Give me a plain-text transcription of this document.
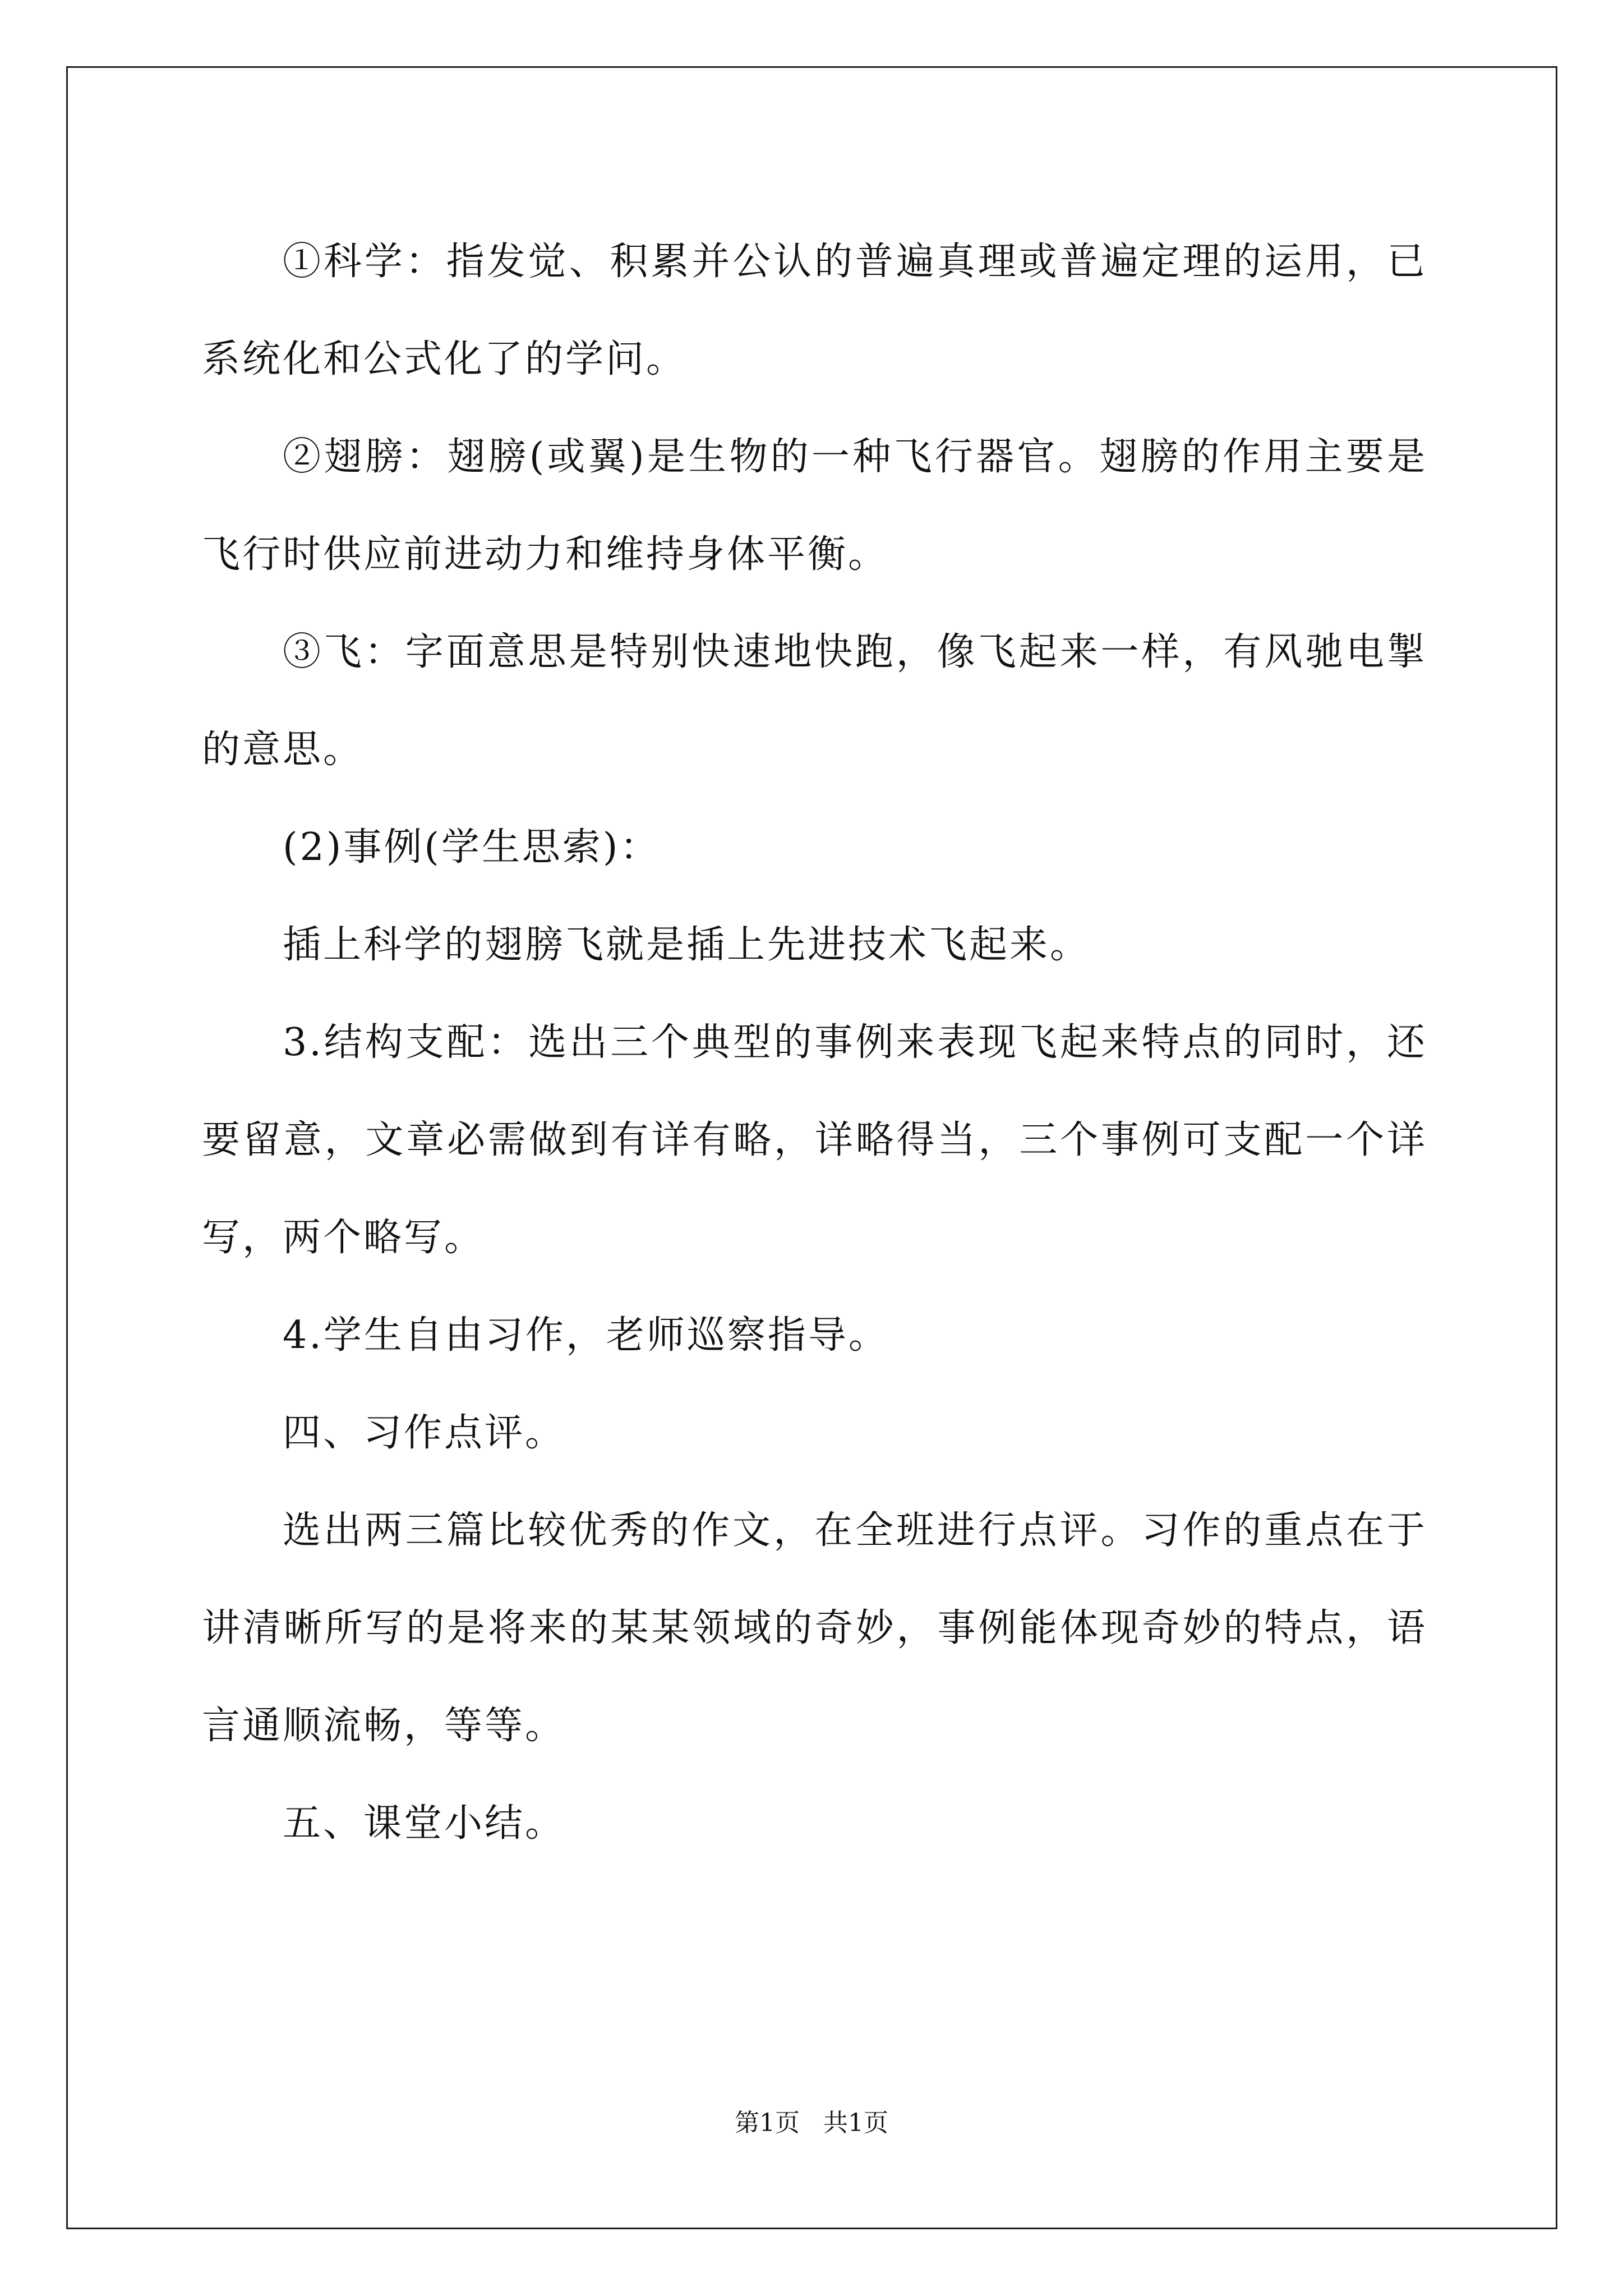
①科学：指发觉、积累并公认的普遍真理或普遍定理的运用，已系统化和公式化了的学问。

②翅膀：翅膀(或翼)是生物的一种飞行器官。翅膀的作用主要是飞行时供应前进动力和维持身体平衡。

③飞：字面意思是特别快速地快跑，像飞起来一样，有风驰电掣的意思。

(2)事例(学生思索)：

插上科学的翅膀飞就是插上先进技术飞起来。

3.结构支配：选出三个典型的事例来表现飞起来特点的同时，还要留意，文章必需做到有详有略，详略得当，三个事例可支配一个详写，两个略写。

4.学生自由习作，老师巡察指导。

四、习作点评。

选出两三篇比较优秀的作文，在全班进行点评。习作的重点在于讲清晰所写的是将来的某某领域的奇妙，事例能体现奇妙的特点，语言通顺流畅，等等。

五、课堂小结。

第1页   共1页
